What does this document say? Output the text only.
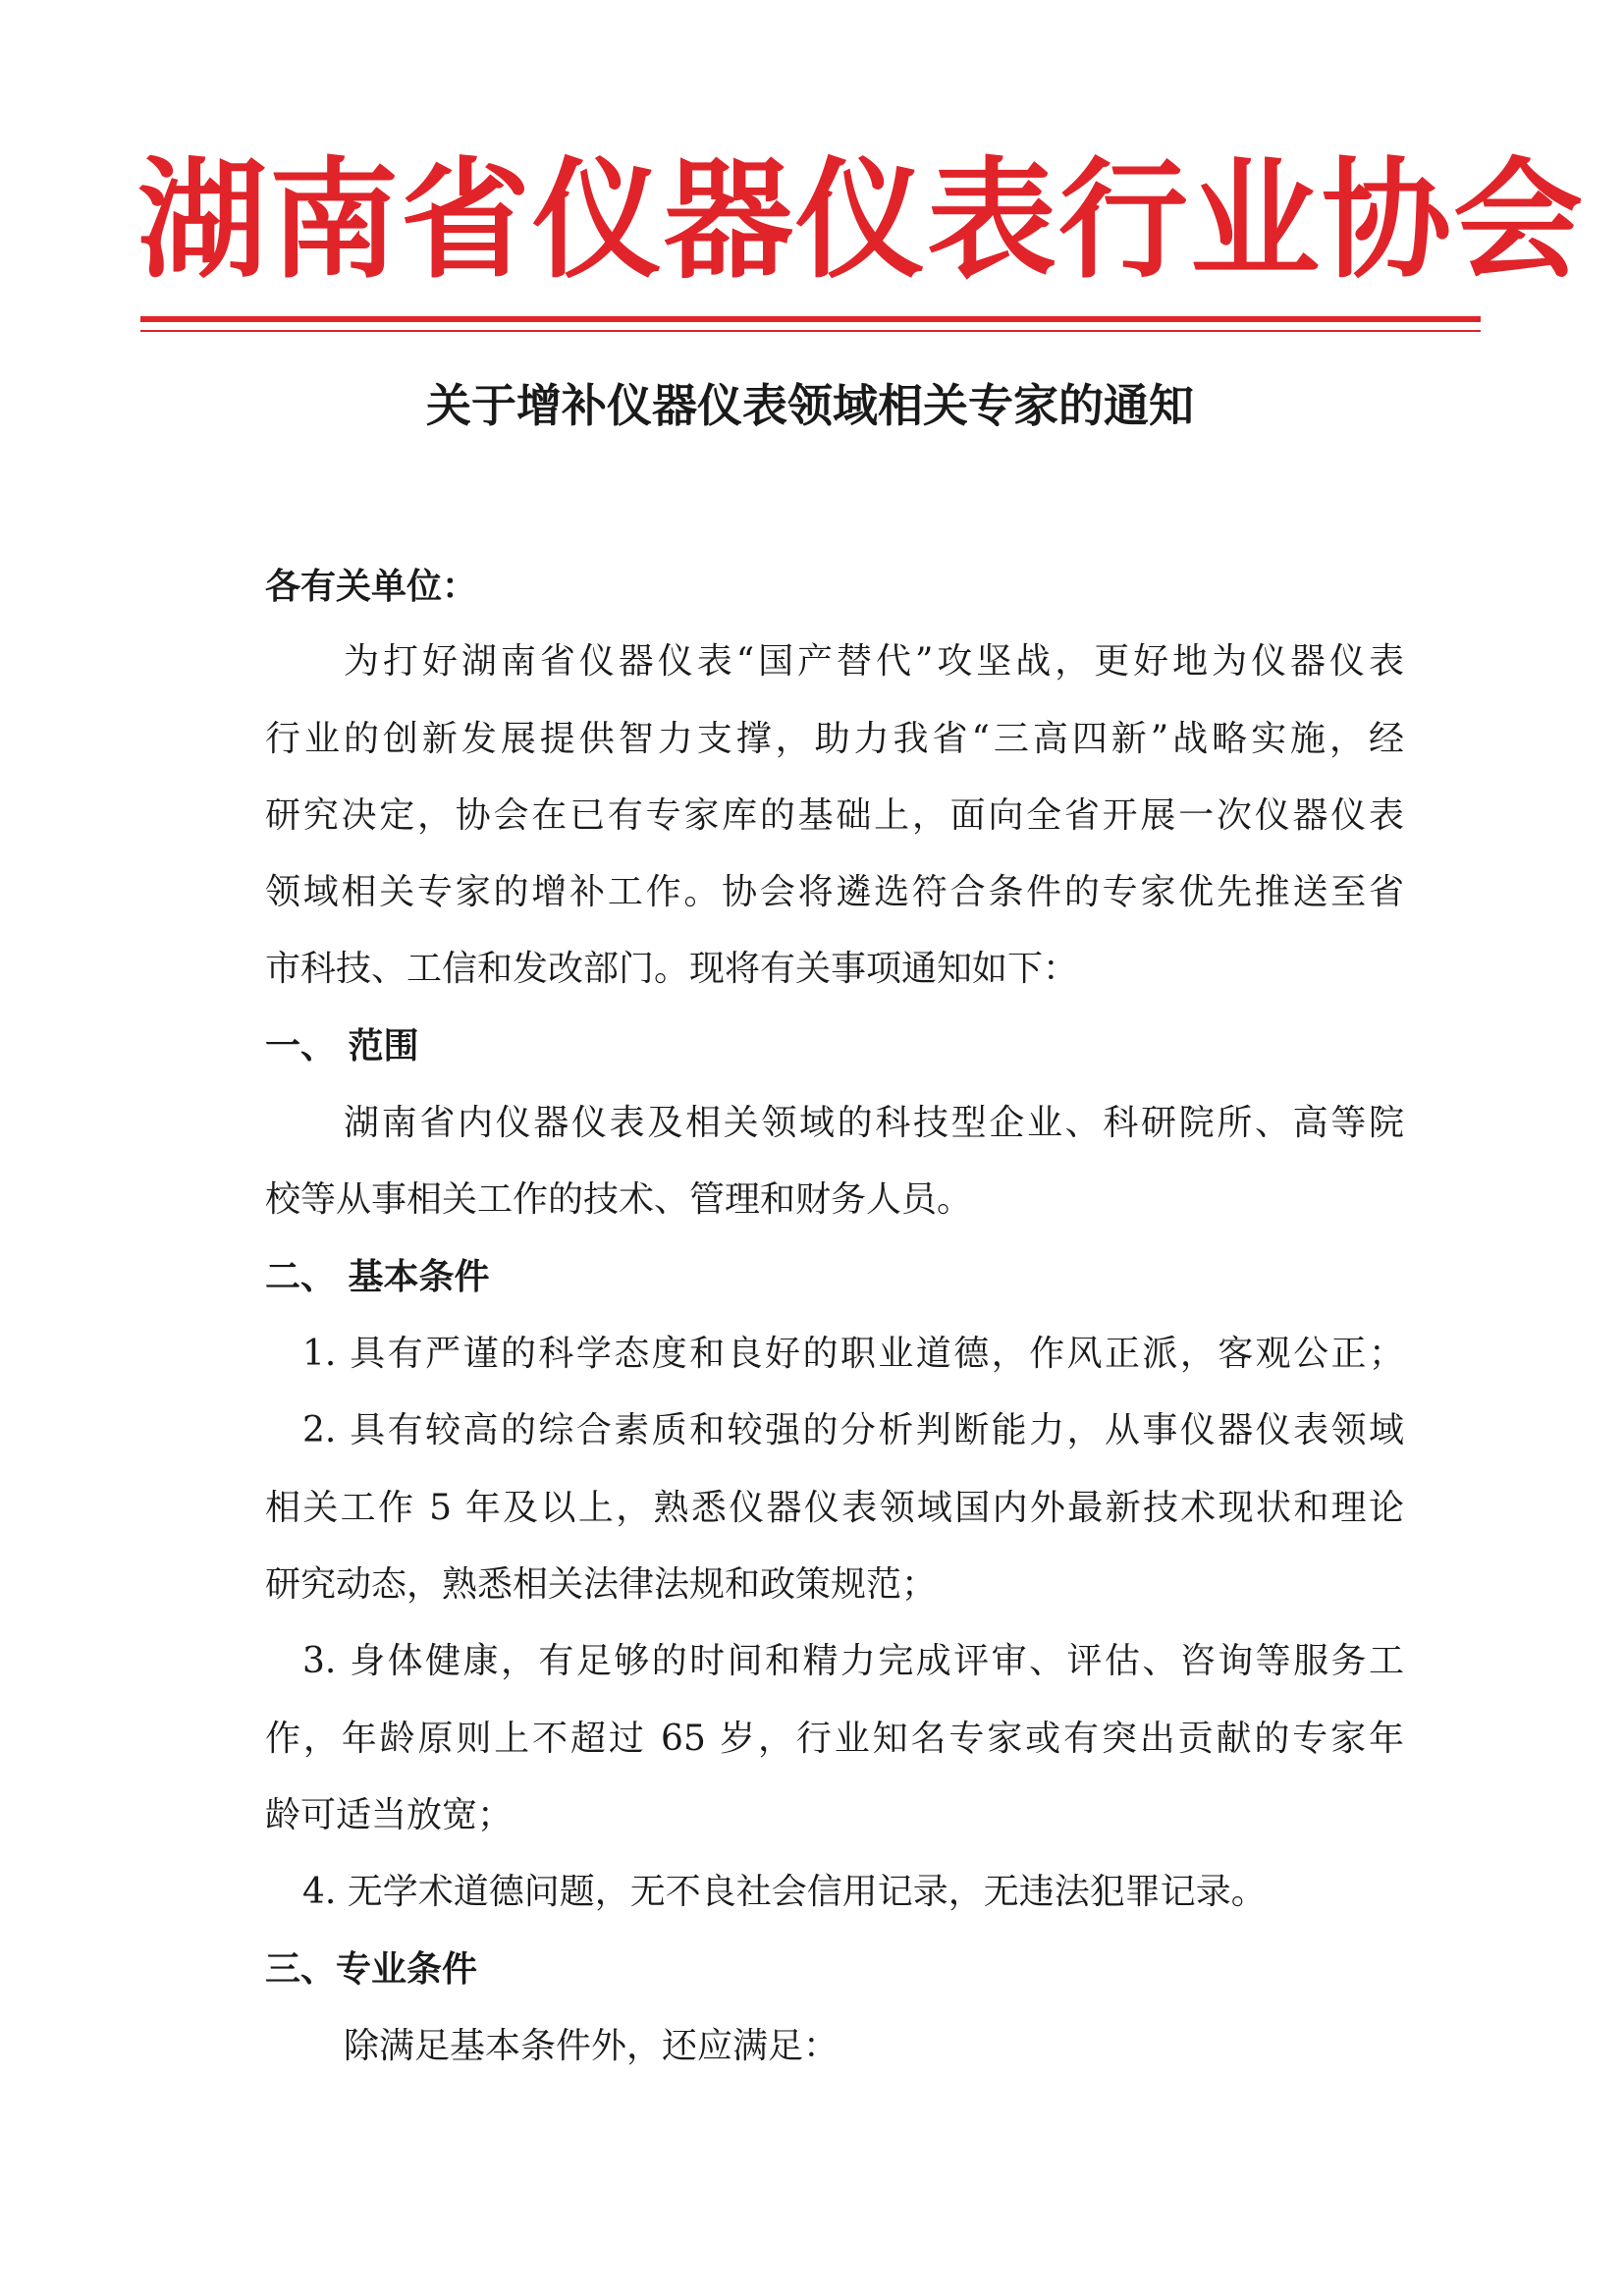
湖南省仪器仪表行业协会
关于增补仪器仪表领域相关专家的通知
各有关单位：
为打好湖南省仪器仪表“国产替代”攻坚战，更好地为仪器仪表
行业的创新发展提供智力支撑，助力我省“三高四新”战略实施，经
研究决定，协会在已有专家库的基础上，面向全省开展一次仪器仪表
领域相关专家的增补工作。协会将遴选符合条件的专家优先推送至省
市科技、工信和发改部门。现将有关事项通知如下：
一、 范围
湖南省内仪器仪表及相关领域的科技型企业、科研院所、高等院
校等从事相关工作的技术、管理和财务人员。
二、 基本条件
1. 具有严谨的科学态度和良好的职业道德，作风正派，客观公正；
2. 具有较高的综合素质和较强的分析判断能力，从事仪器仪表领域
相关工作 5 年及以上，熟悉仪器仪表领域国内外最新技术现状和理论
研究动态，熟悉相关法律法规和政策规范；
3. 身体健康，有足够的时间和精力完成评审、评估、咨询等服务工
作，年龄原则上不超过 65 岁，行业知名专家或有突出贡献的专家年
龄可适当放宽；
4. 无学术道德问题，无不良社会信用记录，无违法犯罪记录。
三、专业条件
除满足基本条件外，还应满足：
